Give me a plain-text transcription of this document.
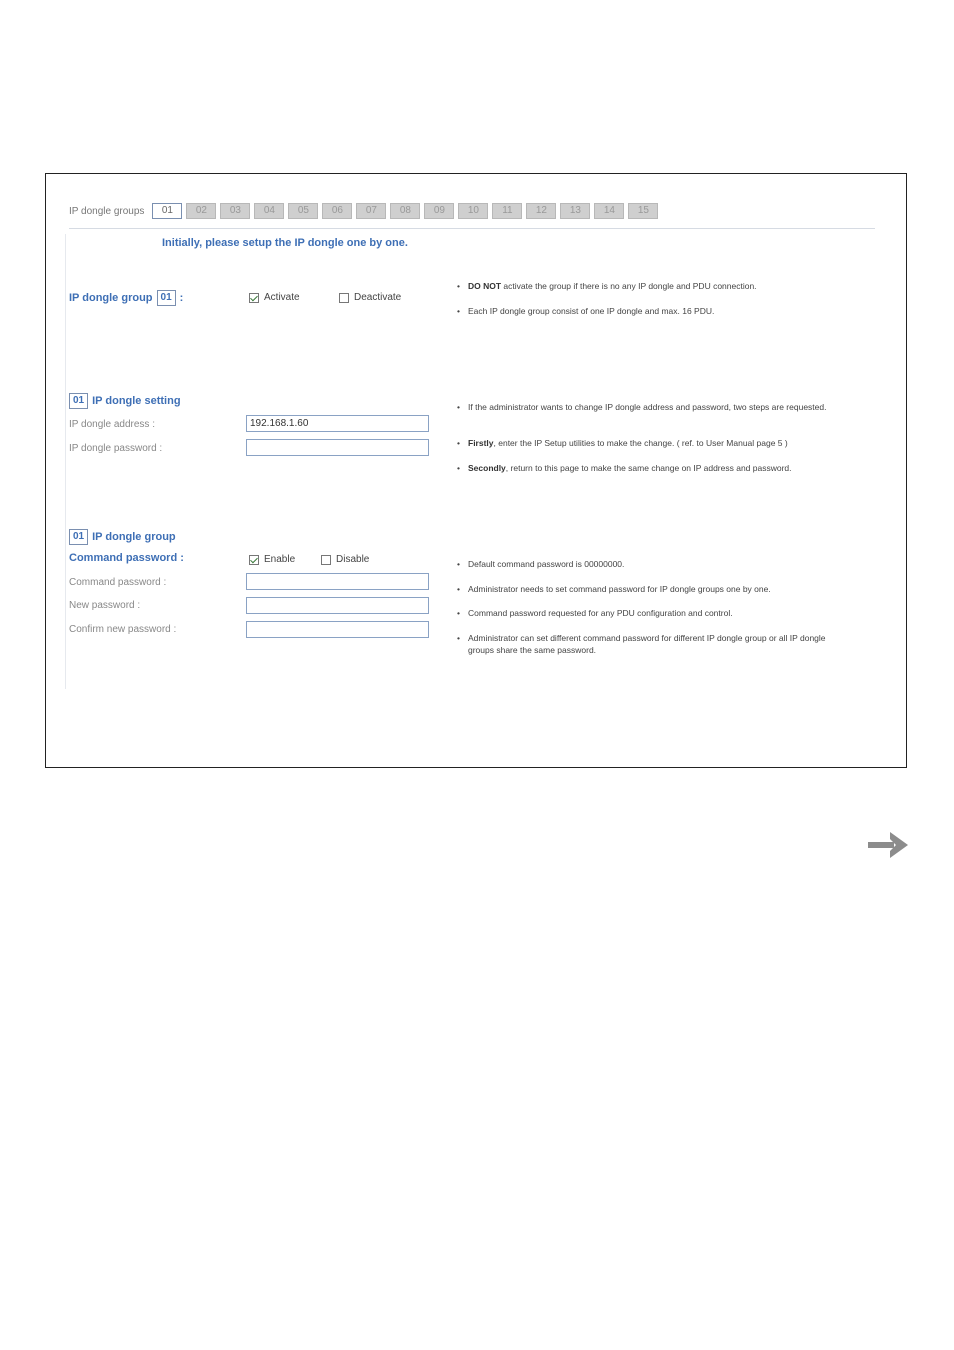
IP dongle groups	01	02	03	04	05	06	07	08	09	10	11	12	13	14	15
Initially, please setup the IP dongle one by one.
IP dongle group 01 :	Activate	Deactivate
• DO NOT activate the group if there is no any IP dongle and PDU connection.
• Each IP dongle group consist of one IP dongle and max. 16 PDU.
01 IP dongle setting
IP dongle address :
192.168.1.60
IP dongle password :
• If the administrator wants to change IP dongle address and password, two steps are requested.
• Firstly, enter the IP Setup utilities to make the change. ( ref. to User Manual page 5 )
• Secondly, return to this page to make the same change on IP address and password.
01 IP dongle group
Command password :	Enable	Disable
Command password :
New password :
Confirm new password :
• Default command password is 00000000.
• Administrator needs to set command password for IP dongle groups one by one.
• Command password requested for any PDU configuration and control.
• Administrator can set different command password for different IP dongle group or all IP dongle groups share the same password.
